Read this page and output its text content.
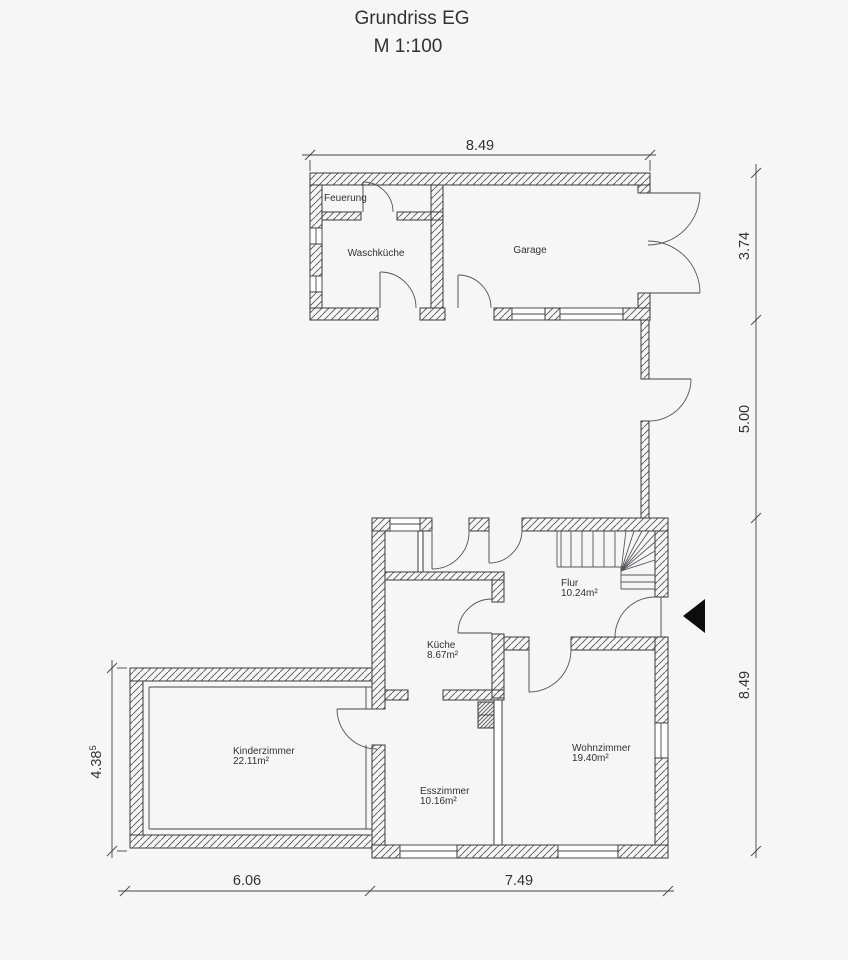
Grundriss EG
M 1:100
Feuerung
Waschküche	Garage
Flur
10.24m²
Küche
8.67m²
Kinderzimmer
22.11m²
Esszimmer
10.16m²
Wohnzimmer
19.40m²
8.49
3.74
5.00
8.49
4.38$^5$
6.06	7.49
